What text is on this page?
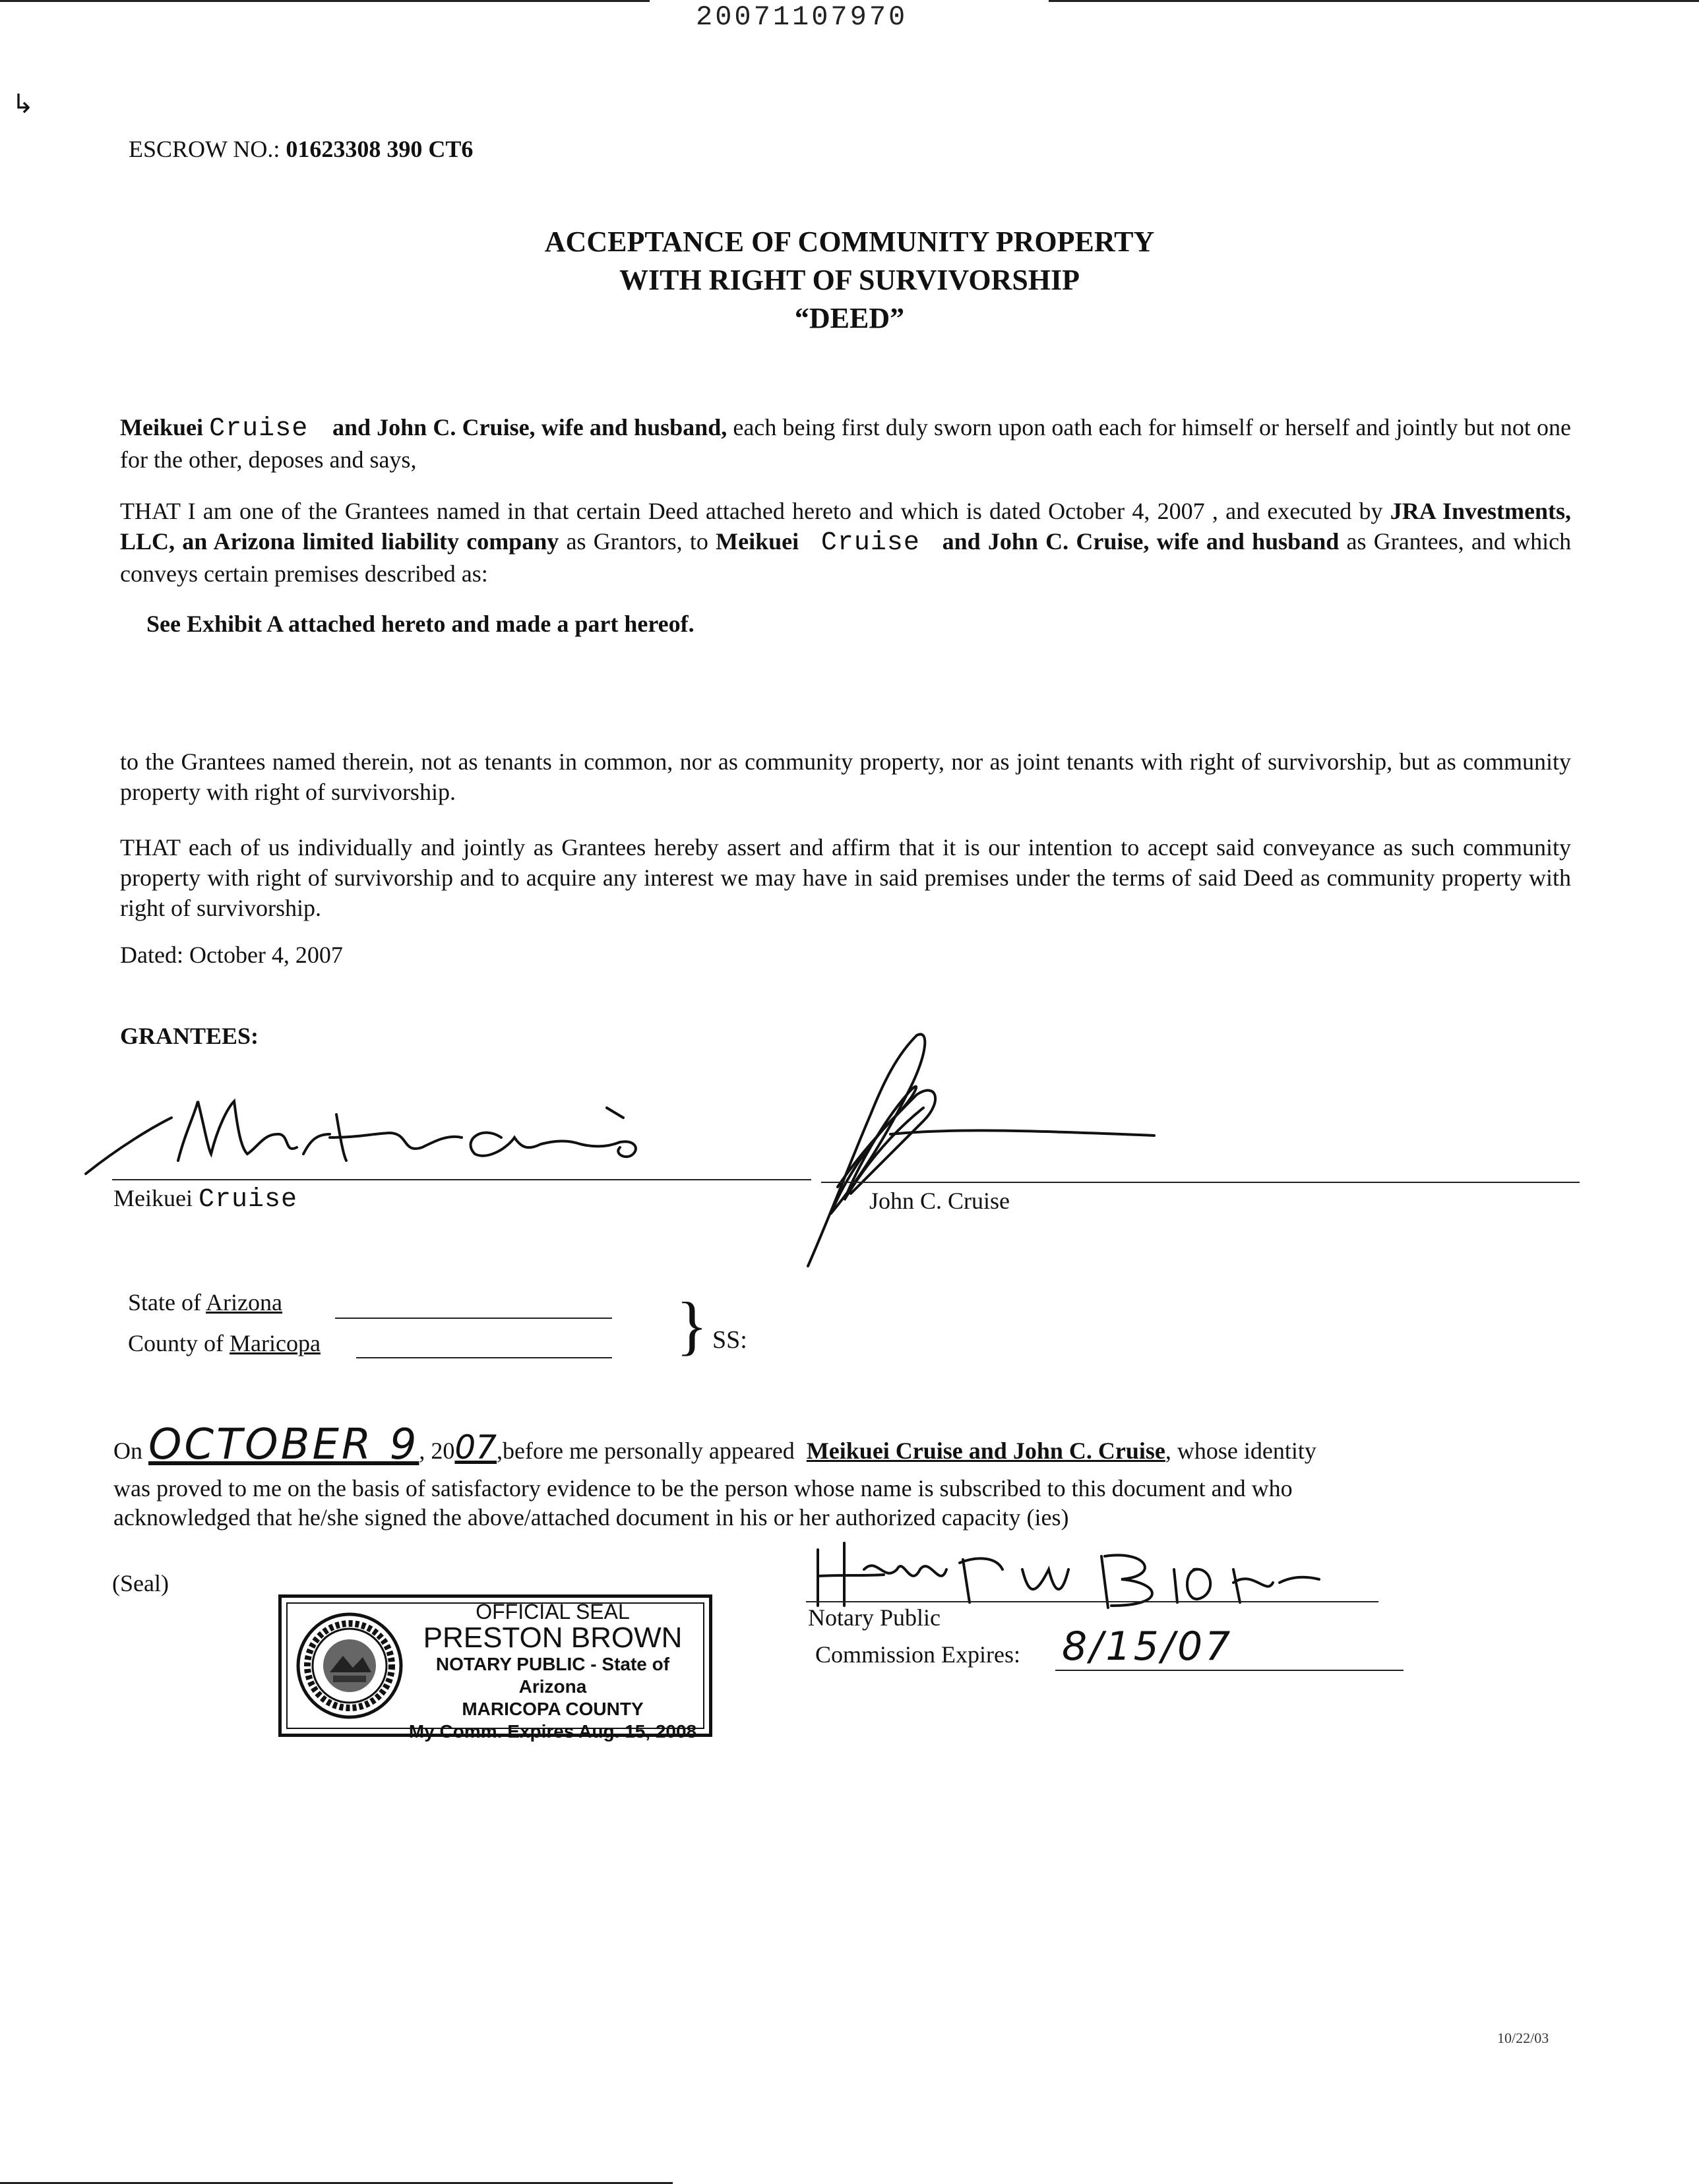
20071107970
↳
ESCROW NO.: 01623308 390 CT6
ACCEPTANCE OF COMMUNITY PROPERTY
WITH RIGHT OF SURVIVORSHIP
“DEED”
Meikuei Cruise and John C. Cruise, wife and husband, each being first duly sworn upon oath each for himself or herself and jointly but not one for the other, deposes and says,
THAT I am one of the Grantees named in that certain Deed attached hereto and which is dated October 4, 2007 , and executed by JRA Investments, LLC, an Arizona limited liability company as Grantors, to Meikuei Cruise and John C. Cruise, wife and husband as Grantees, and which conveys certain premises described as:
See Exhibit A attached hereto and made a part hereof.
to the Grantees named therein, not as tenants in common, nor as community property, nor as joint tenants with right of survivorship, but as community property with right of survivorship.
THAT each of us individually and jointly as Grantees hereby assert and affirm that it is our intention to accept said conveyance as such community property with right of survivorship and to acquire any interest we may have in said premises under the terms of said Deed as community property with right of survivorship.
Dated: October 4, 2007
GRANTEES:
Meikuei Cruise	John C. Cruise
State of Arizona
County of Maricopa	} SS:
On OCTOBER 9, 2007,before me personally appeared Meikuei Cruise and John C. Cruise, whose identity
was proved to me on the basis of satisfactory evidence to be the person whose name is subscribed to this document and who
acknowledged that he/she signed the above/attached document in his or her authorized capacity (ies)
(Seal)
OFFICIAL SEAL
PRESTON BROWN
NOTARY PUBLIC - State of Arizona
MARICOPA COUNTY
My Comm. Expires Aug. 15, 2008
Notary Public
Commission Expires: 8/15/07
10/22/03
